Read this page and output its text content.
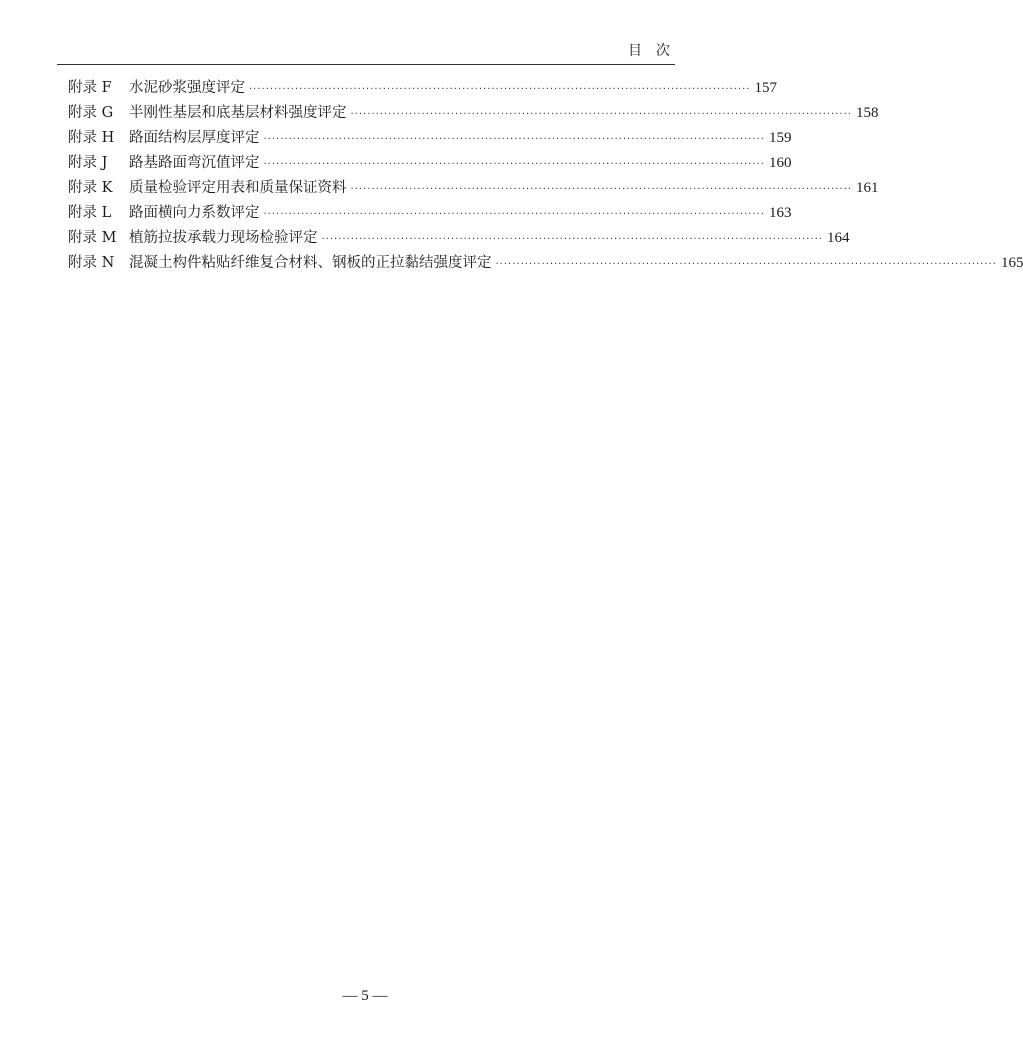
目次
附录 F	水泥砂浆强度评定 ························································································································ 157
附录 G	半刚性基层和底基层材料强度评定 ························································································································ 158
附录 H	路面结构层厚度评定 ························································································································ 159
附录 J	路基路面弯沉值评定 ························································································································ 160
附录 K	质量检验评定用表和质量保证资料 ························································································································ 161
附录 L	路面横向力系数评定 ························································································································ 163
附录 M 植筋拉拔承载力现场检验评定 ························································································································ 164
附录 N	混凝土构件粘贴纤维复合材料、钢板的正拉黏结强度评定 ························································································································ 165
— 5 —
